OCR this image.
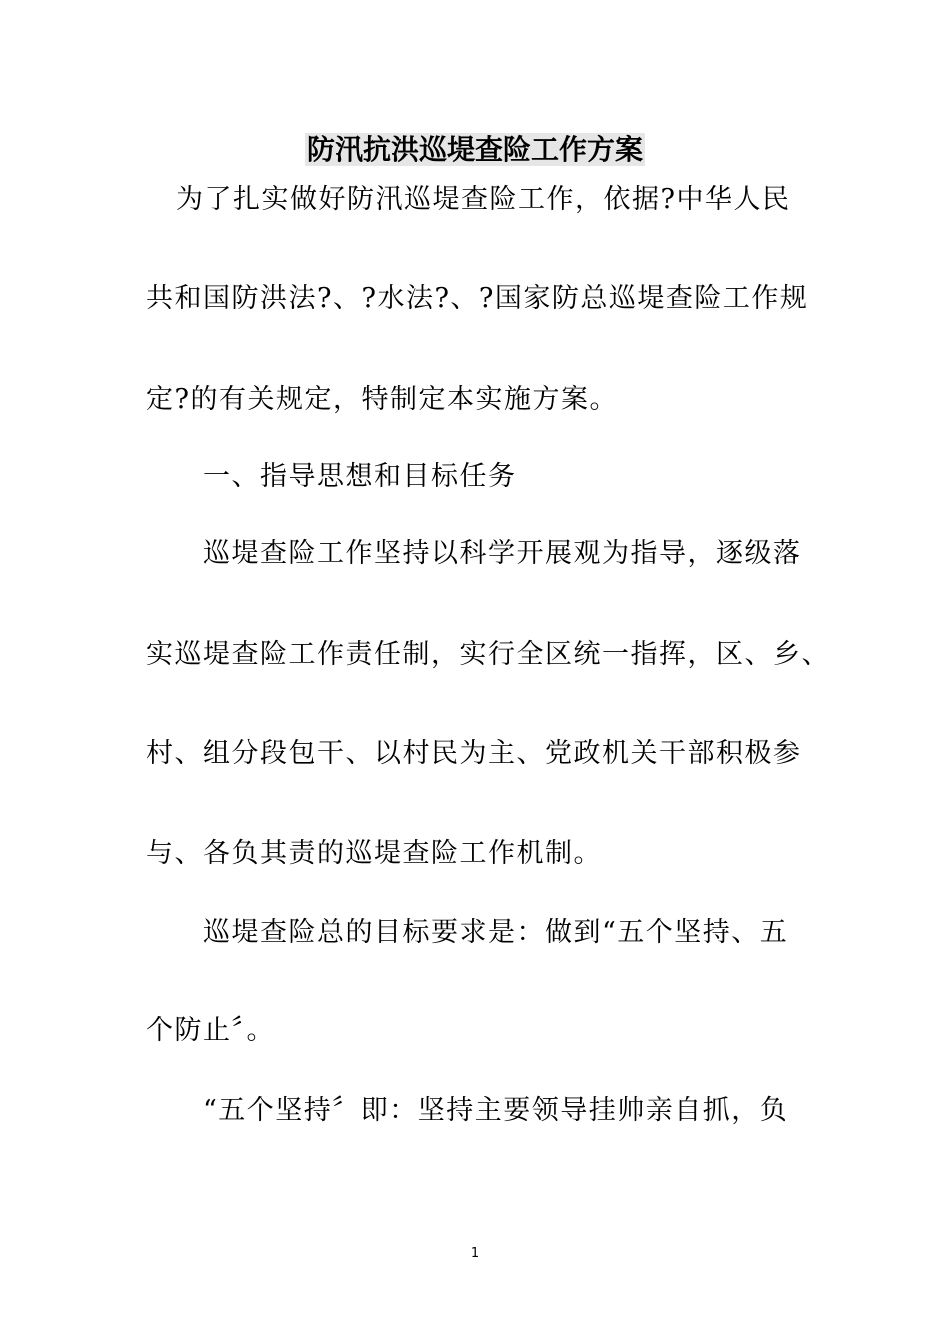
防汛抗洪巡堤查险工作方案
为了扎实做好防汛巡堤查险工作，依据?中华人民
共和国防洪法?、?水法?、?国家防总巡堤查险工作规
定?的有关规定，特制定本实施方案。
一、指导思想和目标任务
巡堤查险工作坚持以科学开展观为指导，逐级落
实巡堤查险工作责任制，实行全区统一指挥，区、乡、
村、组分段包干、以村民为主、党政机关干部积极参
与、各负其责的巡堤查险工作机制。
巡堤查险总的目标要求是：做到“五个坚持、五
个防止〞。
“五个坚持〞即：坚持主要领导挂帅亲自抓，负
1
